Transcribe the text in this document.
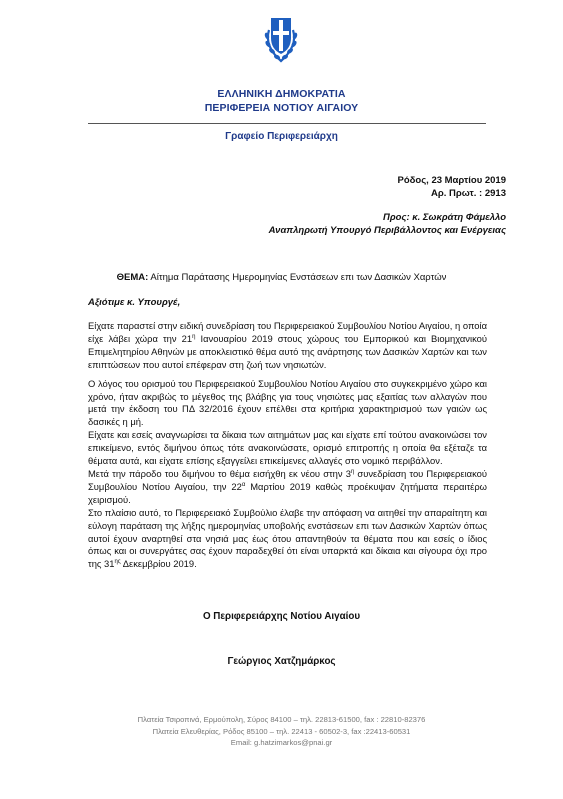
ΕΛΛΗΝΙΚΗ ΔΗΜΟΚΡΑΤΙΑ
ΠΕΡΙΦΕΡΕΙΑ ΝΟΤΙΟΥ ΑΙΓΑΙΟΥ
Γραφείο Περιφερειάρχη
Ρόδος, 23 Μαρτίου 2019
Αρ. Πρωτ. : 2913
Προς: κ. Σωκράτη Φάμελλο
Αναπληρωτή Υπουργό Περιβάλλοντος και Ενέργειας
ΘΕΜΑ: Αίτημα Παράτασης Ημερομηνίας Ενστάσεων επι των Δασικών Χαρτών
Αξιότιμε κ. Υπουργέ,

Είχατε παραστεί στην ειδική συνεδρίαση του Περιφερειακού Συμβουλίου Νοτίου Αιγαίου, η οποία είχε λάβει χώρα την $21^\eta$ Ιανουαρίου 2019 στους χώρους του Εμπορικού και Βιομηχανικού Επιμελητηρίου Αθηνών με αποκλειστικό θέμα αυτό της ανάρτησης των Δασικών Χαρτών και των επιπτώσεων που αυτοί επέφεραν στη ζωή των νησιωτών.

Ο λόγος του ορισμού του Περιφερειακού Συμβουλίου Νοτίου Αιγαίου στο συγκεκριμένο χώρο και χρόνο, ήταν ακριβώς το μέγεθος της βλάβης για τους νησιώτες μας εξαιτίας των αλλαγών που μετά την έκδοση του ΠΔ 32/2016 έχουν επέλθει στα κριτήρια χαρακτηρισμού των γαιών ως δασικές η μή.

Είχατε και εσείς αναγνωρίσει τα δίκαια των αιτημάτων μας και είχατε επί τούτου ανακοινώσει τον επικείμενο, εντός διμήνου όπως τότε ανακοινώσατε, ορισμό επιτροπής η οποία θα εξέταζε τα θέματα αυτά, και είχατε επίσης εξαγγείλει επικείμενες αλλαγές στο νομικό περιβάλλον.

Μετά την πάροδο του διμήνου το θέμα εισήχθη εκ νέου στην $3^\eta$ συνεδρίαση του Περιφερειακού Συμβουλίου Νοτίου Αιγαίου, την $22^\alpha$ Μαρτίου 2019 καθώς προέκυψαν ζητήματα περαιτέρω χειρισμού.

Στο πλαίσιο αυτό, το Περιφερειακό Συμβούλιο έλαβε την απόφαση να αιτηθεί την απαραίτητη και εύλογη παράταση της λήξης ημερομηνίας υποβολής ενστάσεων επι των Δασικών Χαρτών όπως αυτοί έχουν αναρτηθεί στα νησιά μας έως ότου απαντηθούν τα θέματα που και εσείς ο ίδιος όπως και οι συνεργάτες σας έχουν παραδεχθεί ότι είναι υπαρκτά και δίκαια και σίγουρα όχι προ της $31^{\eta\varsigma}$ Δεκεμβρίου 2019.

Ο Περιφερειάρχης Νοτίου Αιγαίου
Γεώργιος Χατζημάρκος
Πλατεία Τσιροπινά, Ερμούπολη, Σύρος 84100 – τηλ. 22813-61500, fax : 22810-82376
Πλατεία Ελευθερίας, Ρόδος 85100 – τηλ. 22413 - 60502-3, fax :22413-60531
Email: g.hatzimarkos@pnai.gr
